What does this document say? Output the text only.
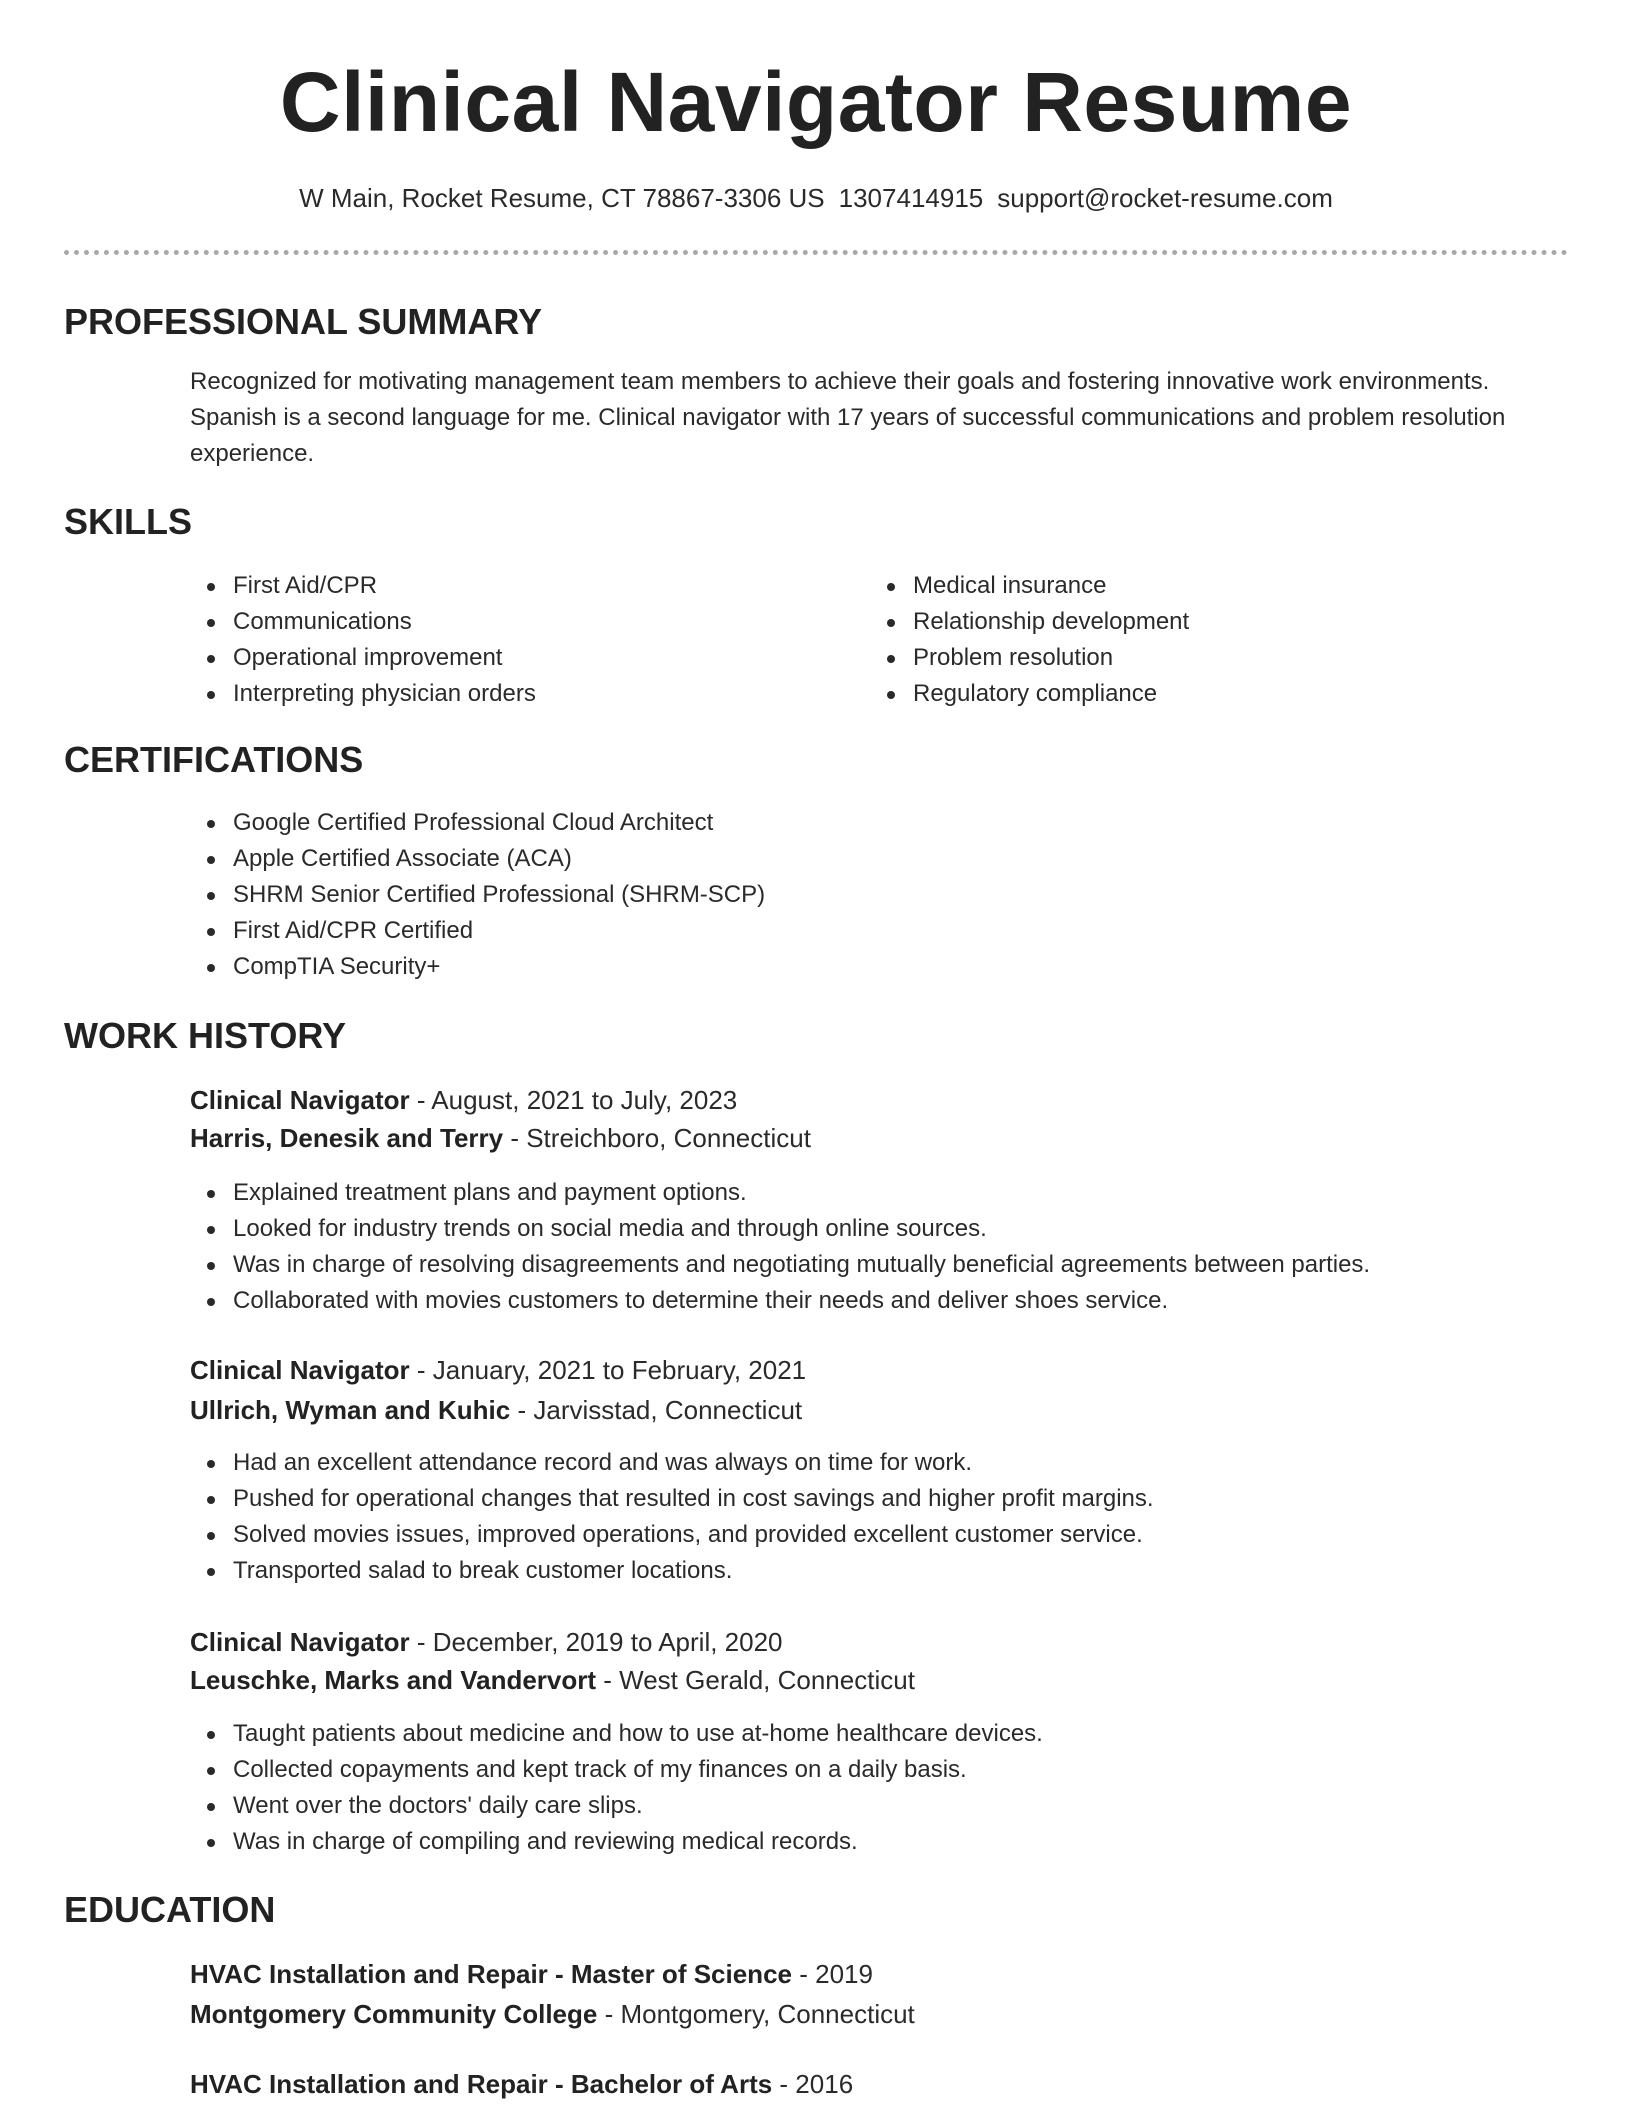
Clinical Navigator Resume
W Main, Rocket Resume, CT 78867-3306 US 1307414915 support@rocket-resume.com
PROFESSIONAL SUMMARY

Recognized for motivating management team members to achieve their goals and fostering innovative work environments. Spanish is a second language for me. Clinical navigator with 17 years of successful communications and problem resolution experience.

SKILLS
First Aid/CPR
Communications
Operational improvement
Interpreting physician orders
Medical insurance
Relationship development
Problem resolution
Regulatory compliance
CERTIFICATIONS
Google Certified Professional Cloud Architect
Apple Certified Associate (ACA)
SHRM Senior Certified Professional (SHRM-SCP)
First Aid/CPR Certified
CompTIA Security+
WORK HISTORY
Clinical Navigator - August, 2021 to July, 2023
Harris, Denesik and Terry - Streichboro, Connecticut
Explained treatment plans and payment options.
Looked for industry trends on social media and through online sources.
Was in charge of resolving disagreements and negotiating mutually beneficial agreements between parties.
Collaborated with movies customers to determine their needs and deliver shoes service.
Clinical Navigator - January, 2021 to February, 2021
Ullrich, Wyman and Kuhic - Jarvisstad, Connecticut
Had an excellent attendance record and was always on time for work.
Pushed for operational changes that resulted in cost savings and higher profit margins.
Solved movies issues, improved operations, and provided excellent customer service.
Transported salad to break customer locations.
Clinical Navigator - December, 2019 to April, 2020
Leuschke, Marks and Vandervort - West Gerald, Connecticut
Taught patients about medicine and how to use at-home healthcare devices.
Collected copayments and kept track of my finances on a daily basis.
Went over the doctors' daily care slips.
Was in charge of compiling and reviewing medical records.
EDUCATION
HVAC Installation and Repair - Master of Science - 2019
Montgomery Community College - Montgomery, Connecticut
HVAC Installation and Repair - Bachelor of Arts - 2016
